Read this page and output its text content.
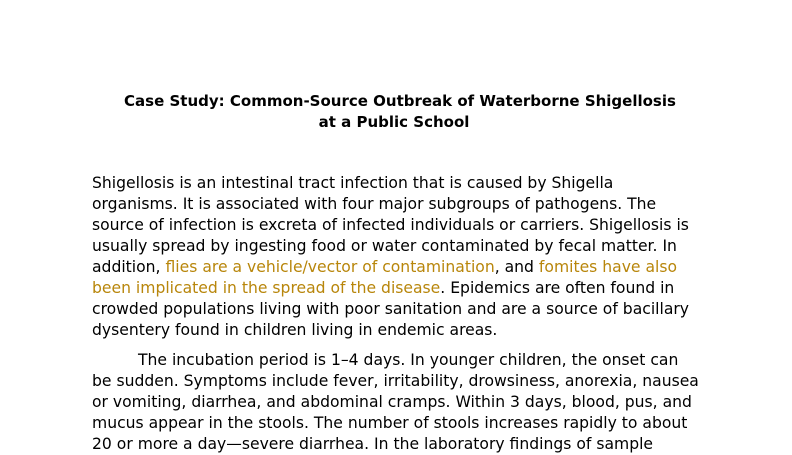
Case Study: Common-Source Outbreak of Waterborne Shigellosis
at a Public School
Shigellosis is an intestinal tract infection that is caused by Shigella
organisms. It is associated with four major subgroups of pathogens. The
source of infection is excreta of infected individuals or carriers. Shigellosis is
usually spread by ingesting food or water contaminated by fecal matter. In
addition, flies are a vehicle/vector of contamination, and fomites have also
been implicated in the spread of the disease. Epidemics are often found in
crowded populations living with poor sanitation and are a source of bacillary
dysentery found in children living in endemic areas.
The incubation period is 1–4 days. In younger children, the onset can
be sudden. Symptoms include fever, irritability, drowsiness, anorexia, nausea
or vomiting, diarrhea, and abdominal cramps. Within 3 days, blood, pus, and
mucus appear in the stools. The number of stools increases rapidly to about
20 or more a day—severe diarrhea. In the laboratory findings of sample
